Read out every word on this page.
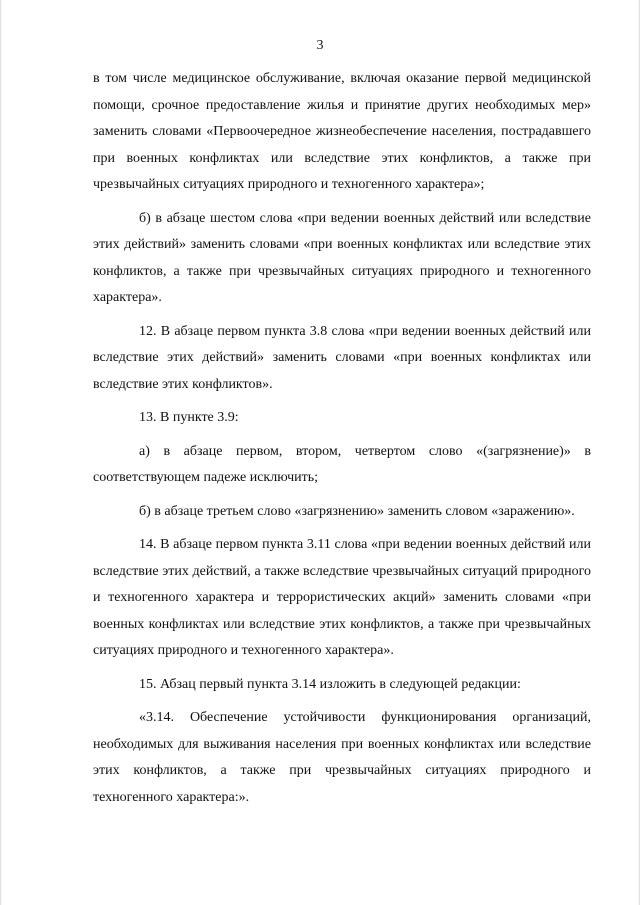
3

в том числе медицинское обслуживание, включая оказание первой медицинской помощи, срочное предоставление жилья и принятие других необходимых мер» заменить словами «Первоочередное жизнеобеспечение населения, пострадавшего при военных конфликтах или вследствие этих конфликтов, а также при чрезвычайных ситуациях природного и техногенного характера»;

б) в абзаце шестом слова «при ведении военных действий или вследствие этих действий» заменить словами «при военных конфликтах или вследствие этих конфликтов, а также при чрезвычайных ситуациях природного и техногенного характера».

12. В абзаце первом пункта 3.8 слова «при ведении военных действий или вследствие этих действий» заменить словами «при военных конфликтах или вследствие этих конфликтов».

13. В пункте 3.9:

а) в абзаце первом, втором, четвертом слово «(загрязнение)» в соответствующем падеже исключить;

б) в абзаце третьем слово «загрязнению» заменить словом «заражению».

14. В абзаце первом пункта 3.11 слова «при ведении военных действий или вследствие этих действий, а также вследствие чрезвычайных ситуаций природного и техногенного характера и террористических акций» заменить словами «при военных конфликтах или вследствие этих конфликтов, а также при чрезвычайных ситуациях природного и техногенного характера».

15. Абзац первый пункта 3.14 изложить в следующей редакции:

«3.14. Обеспечение устойчивости функционирования организаций, необходимых для выживания населения при военных конфликтах или вследствие этих конфликтов, а также при чрезвычайных ситуациях природного и техногенного характера:».
